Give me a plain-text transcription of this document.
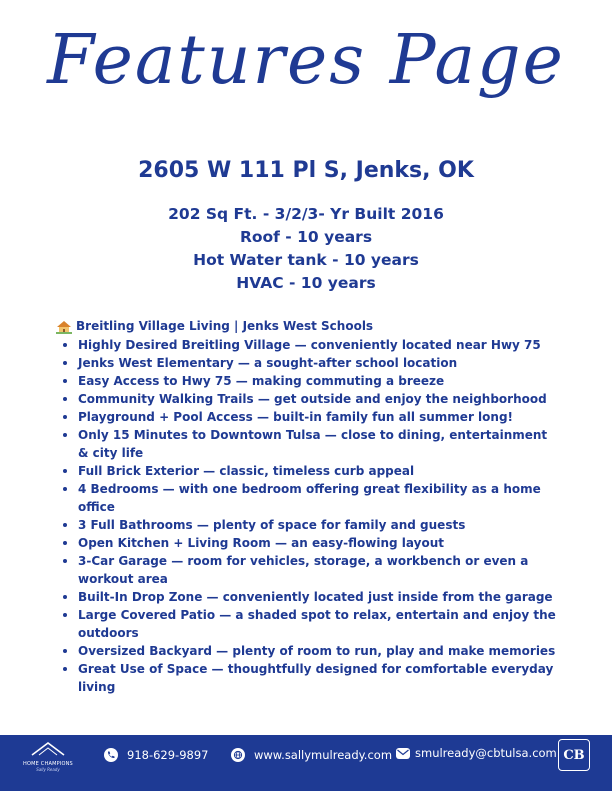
Features Page
2605 W 111 Pl S, Jenks, OK
202 Sq Ft. - 3/2/3- Yr Built 2016
Roof - 10 years
Hot Water tank - 10 years
HVAC - 10 years
Breitling Village Living | Jenks West Schools
Highly Desired Breitling Village — conveniently located near Hwy 75
Jenks West Elementary — a sought-after school location
Easy Access to Hwy 75 — making commuting a breeze
Community Walking Trails — get outside and enjoy the neighborhood
Playground + Pool Access — built-in family fun all summer long!
Only 15 Minutes to Downtown Tulsa — close to dining, entertainment & city life
Full Brick Exterior — classic, timeless curb appeal
4 Bedrooms — with one bedroom offering great flexibility as a home office
3 Full Bathrooms — plenty of space for family and guests
Open Kitchen + Living Room — an easy-flowing layout
3-Car Garage — room for vehicles, storage, a workbench or even a workout area
Built-In Drop Zone — conveniently located just inside from the garage
Large Covered Patio — a shaded spot to relax, entertain and enjoy the outdoors
Oversized Backyard — plenty of room to run, play and make memories
Great Use of Space — thoughtfully designed for comfortable everyday living
HOME CHAMPIONS
Sally Ready
918-629-9897	www.sallymulready.com smulready@cbtulsa.com CB
